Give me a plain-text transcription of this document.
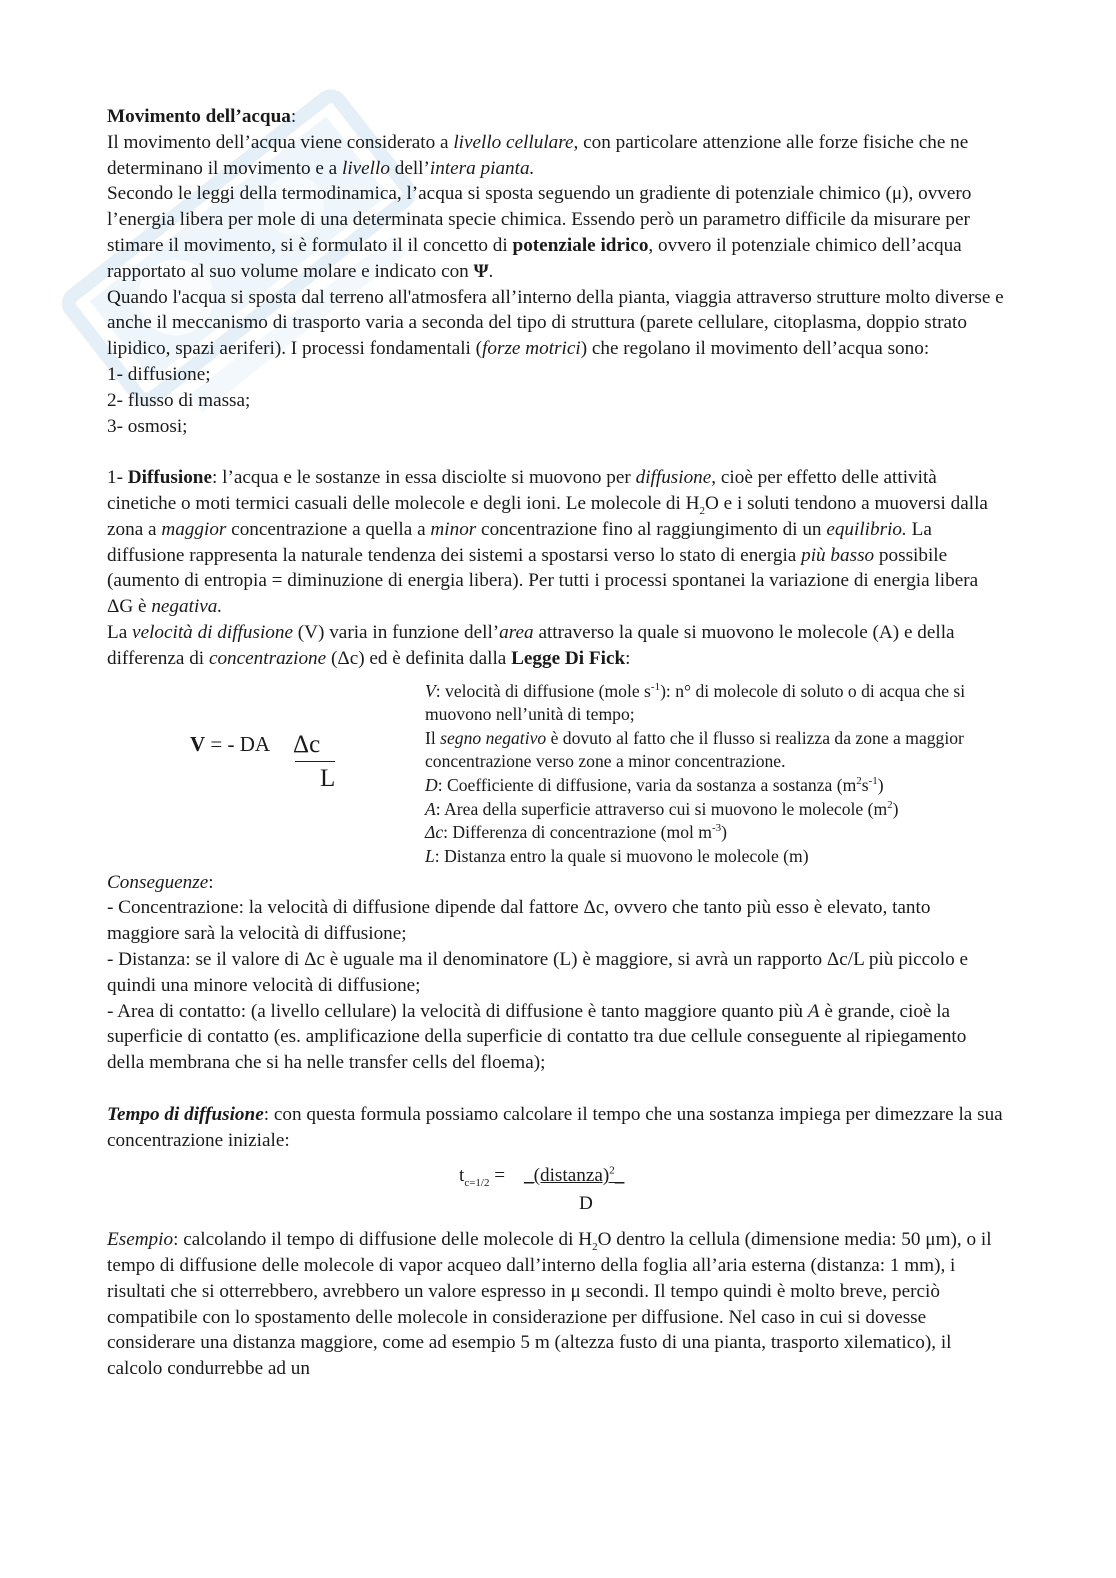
Movimento dell’acqua:
Il movimento dell’acqua viene considerato a livello cellulare, con particolare attenzione alle forze fisiche che ne determinano il movimento e a livello dell’intera pianta.

Secondo le leggi della termodinamica, l’acqua si sposta seguendo un gradiente di potenziale chimico (μ), ovvero l’energia libera per mole di una determinata specie chimica. Essendo però un parametro difficile da misurare per stimare il movimento, si è formulato il il concetto di potenziale idrico, ovvero il potenziale chimico dell’acqua rapportato al suo volume molare e indicato con Ψ.

Quando l'acqua si sposta dal terreno all'atmosfera all’interno della pianta, viaggia attraverso strutture molto diverse e anche il meccanismo di trasporto varia a seconda del tipo di struttura (parete cellulare, citoplasma, doppio strato lipidico, spazi aeriferi). I processi fondamentali (forze motrici) che regolano il movimento dell’acqua sono:

1- diffusione;

2- flusso di massa;

3- osmosi;

1- Diffusione: l’acqua e le sostanze in essa disciolte si muovono per diffusione, cioè per effetto delle attività cinetiche o moti termici casuali delle molecole e degli ioni. Le molecole di $H_2O$ e i soluti tendono a muoversi dalla zona a maggior concentrazione a quella a minor concentrazione fino al raggiungimento di un equilibrio. La diffusione rappresenta la naturale tendenza dei sistemi a spostarsi verso lo stato di energia più basso possibile (aumento di entropia = diminuzione di energia libera). Per tutti i processi spontanei la variazione di energia libera ΔG è negativa.

La velocità di diffusione (V) varia in funzione dell’area attraverso la quale si muovono le molecole (A) e della differenza di concentrazione (Δc) ed è definita dalla Legge Di Fick:

V = - DA Δc
L

V: velocità di diffusione (mole $s^{-1}$): n° di molecole di soluto o di acqua che si muovono nell’unità di tempo;

Il segno negativo è dovuto al fatto che il flusso si realizza da zone a maggior concentrazione verso zone a minor concentrazione.

D: Coefficiente di diffusione, varia da sostanza a sostanza $(m^2s^{-1})$

A: Area della superficie attraverso cui si muovono le molecole $(m^2)$

Δc: Differenza di concentrazione (mol $m^{-3}$)

L: Distanza entro la quale si muovono le molecole (m)

Conseguenze:

- Concentrazione: la velocità di diffusione dipende dal fattore Δc, ovvero che tanto più esso è elevato, tanto maggiore sarà la velocità di diffusione;

- Distanza: se il valore di Δc è uguale ma il denominatore (L) è maggiore, si avrà un rapporto Δc/L più piccolo e quindi una minore velocità di diffusione;

- Area di contatto: (a livello cellulare) la velocità di diffusione è tanto maggiore quanto più A è grande, cioè la superficie di contatto (es. amplificazione della superficie di contatto tra due cellule conseguente al ripiegamento della membrana che si ha nelle transfer cells del floema);

Tempo di diffusione: con questa formula possiamo calcolare il tempo che una sostanza impiega per dimezzare la sua concentrazione iniziale:

$t_{c=1/2}$ = _(distanza)$^2$_
D

Esempio: calcolando il tempo di diffusione delle molecole di $H_2O$ dentro la cellula (dimensione media: 50 μm), o il tempo di diffusione delle molecole di vapor acqueo dall’interno della foglia all’aria esterna (distanza: 1 mm), i risultati che si otterrebbero, avrebbero un valore espresso in μ secondi. Il tempo quindi è molto breve, perciò compatibile con lo spostamento delle molecole in considerazione per diffusione. Nel caso in cui si dovesse considerare una distanza maggiore, come ad esempio 5 m (altezza fusto di una pianta, trasporto xilematico), il calcolo condurrebbe ad un
